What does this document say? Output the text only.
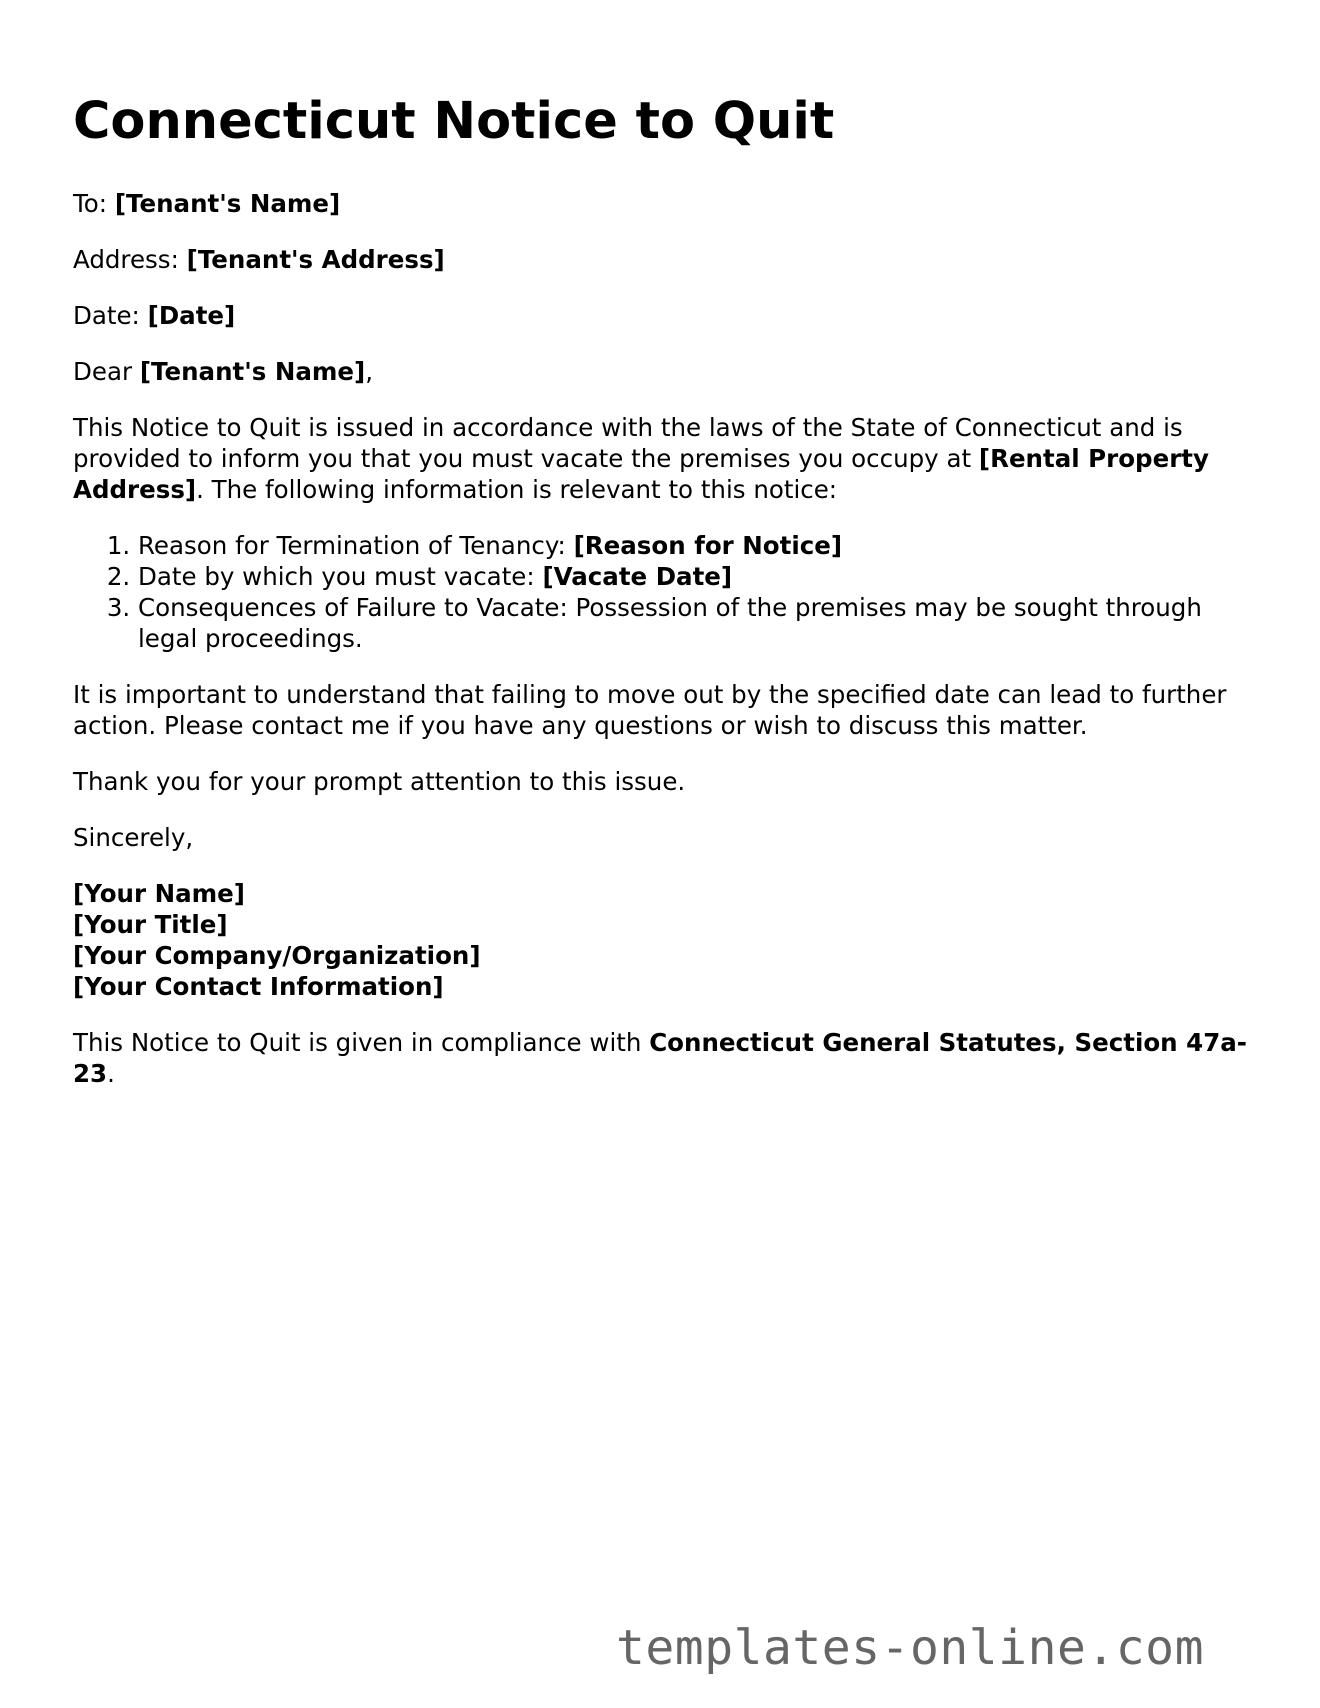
Connecticut Notice to Quit

To: [Tenant's Name]

Address: [Tenant's Address]

Date: [Date]

Dear [Tenant's Name],

This Notice to Quit is issued in accordance with the laws of the State of Connecticut and is provided to inform you that you must vacate the premises you occupy at [Rental Property Address]. The following information is relevant to this notice:

1. Reason for Termination of Tenancy: [Reason for Notice]
2. Date by which you must vacate: [Vacate Date]
3. Consequences of Failure to Vacate: Possession of the premises may be sought through legal proceedings.

It is important to understand that failing to move out by the specified date can lead to further action. Please contact me if you have any questions or wish to discuss this matter.

Thank you for your prompt attention to this issue.

Sincerely,

[Your Name]
[Your Title]
[Your Company/Organization]
[Your Contact Information]

This Notice to Quit is given in compliance with Connecticut General Statutes, Section 47a-23.

templates-online.com
